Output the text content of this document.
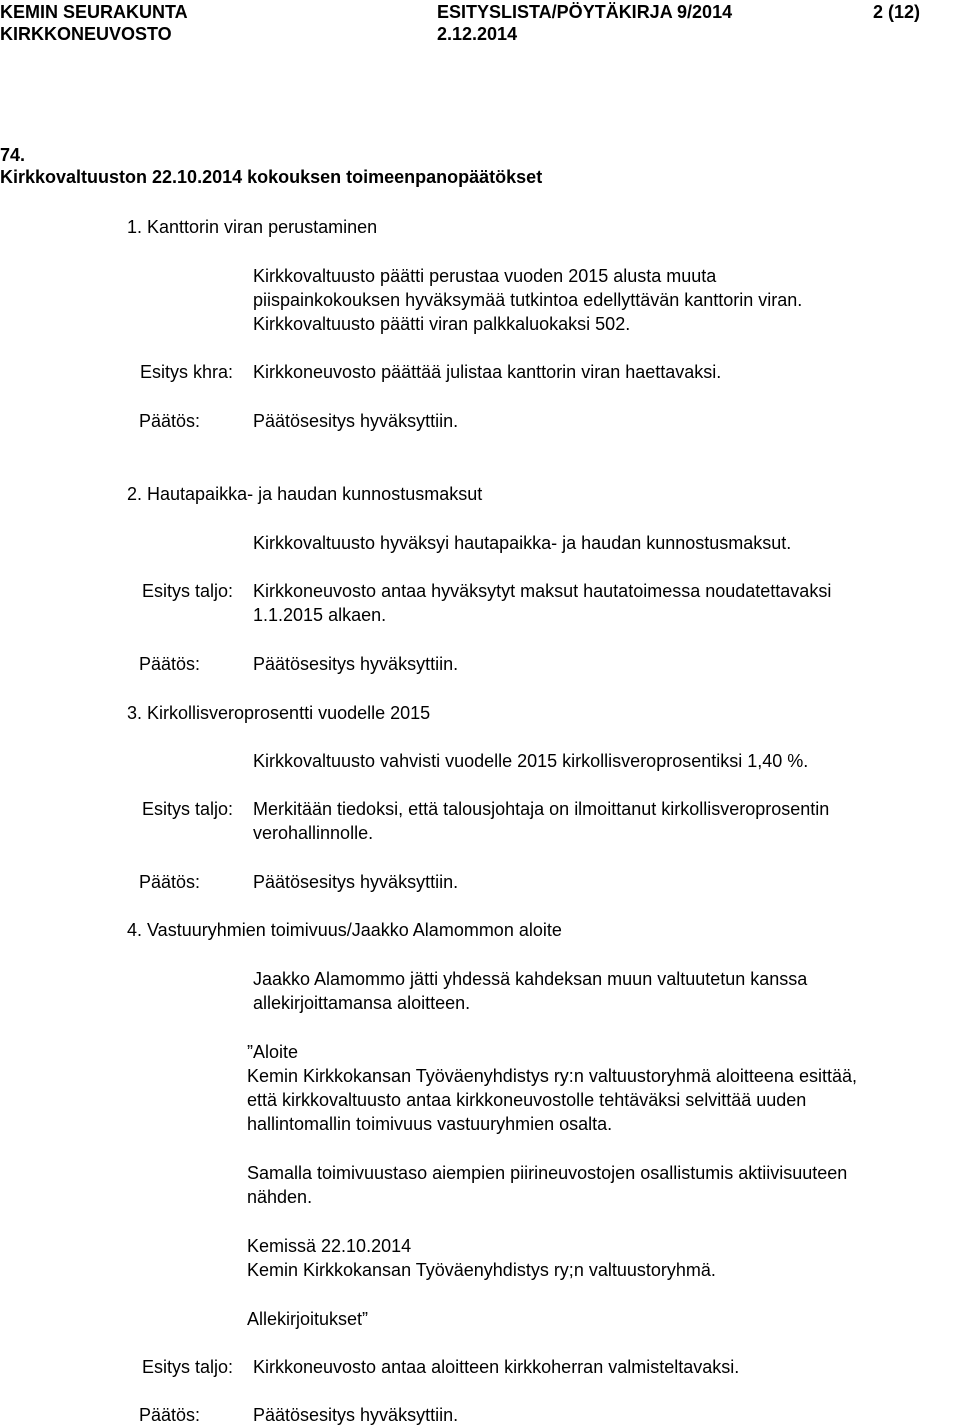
KEMIN SEURAKUNTA
KIRKKONEUVOSTO
ESITYSLISTA/PÖYTÄKIRJA 9/2014
2.12.2014
2 (12)
74.
Kirkkovaltuuston 22.10.2014 kokouksen toimeenpanopäätökset
1. Kanttorin viran perustaminen
Kirkkovaltuusto päätti perustaa vuoden 2015 alusta muuta
piispainkokouksen hyväksymää tutkintoa edellyttävän kanttorin viran.
Kirkkovaltuusto päätti viran palkkaluokaksi 502.
Esitys khra: Kirkkoneuvosto päättää julistaa kanttorin viran haettavaksi.
Päätös:	Päätösesitys hyväksyttiin.
2. Hautapaikka- ja haudan kunnostusmaksut
Kirkkovaltuusto hyväksyi hautapaikka- ja haudan kunnostusmaksut.
Esitys taljo: Kirkkoneuvosto antaa hyväksytyt maksut hautatoimessa noudatettavaksi
1.1.2015 alkaen.
Päätös:	Päätösesitys hyväksyttiin.
3. Kirkollisveroprosentti vuodelle 2015
Kirkkovaltuusto vahvisti vuodelle 2015 kirkollisveroprosentiksi 1,40 %.
Esitys taljo: Merkitään tiedoksi, että talousjohtaja on ilmoittanut kirkollisveroprosentin
verohallinnolle.
Päätös:	Päätösesitys hyväksyttiin.
4. Vastuuryhmien toimivuus/Jaakko Alamommon aloite
Jaakko Alamommo jätti yhdessä kahdeksan muun valtuutetun kanssa
allekirjoittamansa aloitteen.
”Aloite
Kemin Kirkkokansan Työväenyhdistys ry:n valtuustoryhmä aloitteena esittää,
että kirkkovaltuusto antaa kirkkoneuvostolle tehtäväksi selvittää uuden
hallintomallin toimivuus vastuuryhmien osalta.
Samalla toimivuustaso aiempien piirineuvostojen osallistumis aktiivisuuteen
nähden.
Kemissä 22.10.2014
Kemin Kirkkokansan Työväenyhdistys ry;n valtuustoryhmä.
Allekirjoitukset”
Esitys taljo: Kirkkoneuvosto antaa aloitteen kirkkoherran valmisteltavaksi.
Päätös:	Päätösesitys hyväksyttiin.
